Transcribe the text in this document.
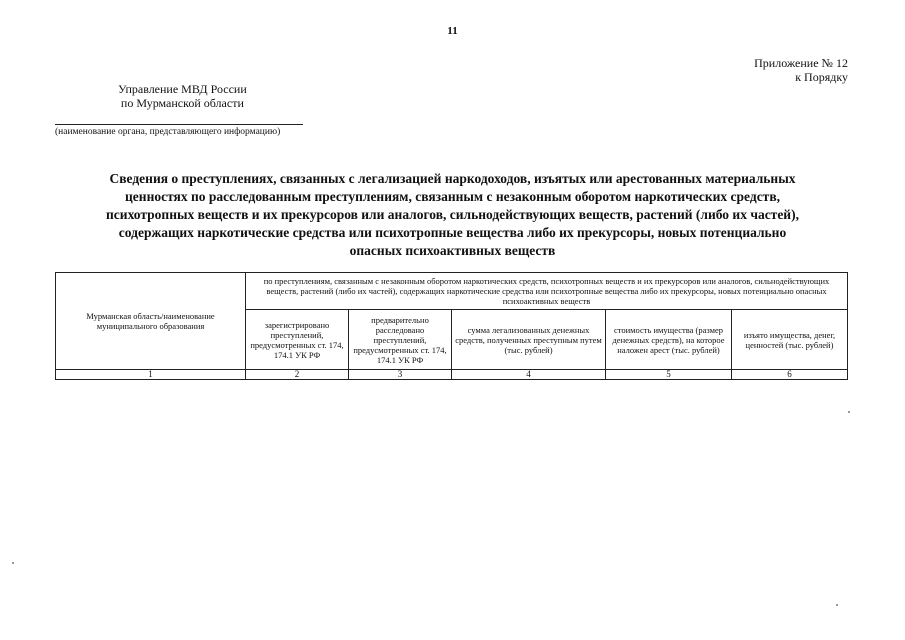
11
Приложение № 12
к Порядку
Управление МВД России
по Мурманской области
(наименование органа, представляющего информацию)
Сведения о преступлениях, связанных с легализацией наркодоходов, изъятых или арестованных материальных
ценностях по расследованным преступлениям, связанным с незаконным оборотом наркотических средств,
психотропных веществ и их прекурсоров или аналогов, сильнодействующих веществ, растений (либо их частей),
содержащих наркотические средства или психотропные вещества либо их прекурсоры, новых потенциально
опасных психоактивных веществ
Мурманская область/наименование муниципального образования	по преступлениям, связанным с незаконным оборотом наркотических средств, психотропных веществ и их прекурсоров или аналогов, сильнодействующих веществ, растений (либо их частей), содержащих наркотические средства или психотропные вещества либо их прекурсоры, новых потенциально опасных психоактивных веществ				
	зарегистрировано преступлений, предусмотренных ст. 174, 174.1 УК РФ	предварительно расследовано преступлений, предусмотренных ст. 174, 174.1 УК РФ	сумма легализованных денежных средств, полученных преступным путем (тыс. рублей)	стоимость имущества (размер денежных средств), на которое наложен арест (тыс. рублей)	изъято имущества, денег, ценностей (тыс. рублей)
1	2	3	4	5	6
